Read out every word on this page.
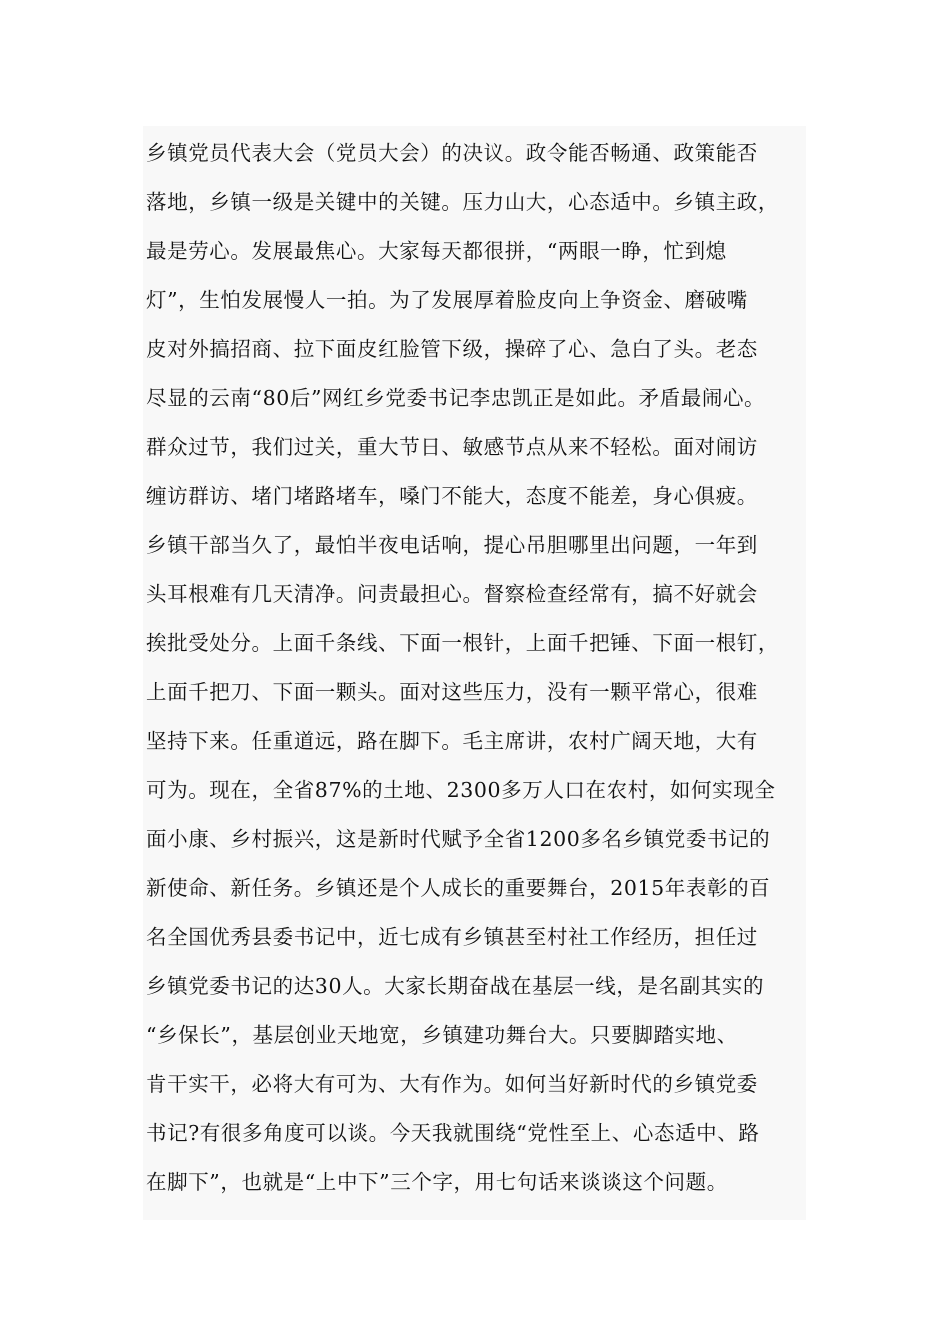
乡镇党员代表大会（党员大会）的决议。政令能否畅通、政策能否
落地，乡镇一级是关键中的关键。压力山大，心态适中。乡镇主政，
最是劳心。发展最焦心。大家每天都很拼，“两眼一睁，忙到熄
灯”，生怕发展慢人一拍。为了发展厚着脸皮向上争资金、磨破嘴
皮对外搞招商、拉下面皮红脸管下级，操碎了心、急白了头。老态
尽显的云南“80后”网红乡党委书记李忠凯正是如此。矛盾最闹心。
群众过节，我们过关，重大节日、敏感节点从来不轻松。面对闹访
缠访群访、堵门堵路堵车，嗓门不能大，态度不能差，身心俱疲。
乡镇干部当久了，最怕半夜电话响，提心吊胆哪里出问题，一年到
头耳根难有几天清净。问责最担心。督察检查经常有，搞不好就会
挨批受处分。上面千条线、下面一根针，上面千把锤、下面一根钉，
上面千把刀、下面一颗头。面对这些压力，没有一颗平常心，很难
坚持下来。任重道远，路在脚下。毛主席讲，农村广阔天地，大有
可为。现在，全省87%的土地、2300多万人口在农村，如何实现全
面小康、乡村振兴，这是新时代赋予全省1200多名乡镇党委书记的
新使命、新任务。乡镇还是个人成长的重要舞台，2015年表彰的百
名全国优秀县委书记中，近七成有乡镇甚至村社工作经历，担任过
乡镇党委书记的达30人。大家长期奋战在基层一线，是名副其实的
“乡保长”，基层创业天地宽，乡镇建功舞台大。只要脚踏实地、
肯干实干，必将大有可为、大有作为。如何当好新时代的乡镇党委
书记?有很多角度可以谈。今天我就围绕“党性至上、心态适中、路
在脚下”，也就是“上中下”三个字，用七句话来谈谈这个问题。
